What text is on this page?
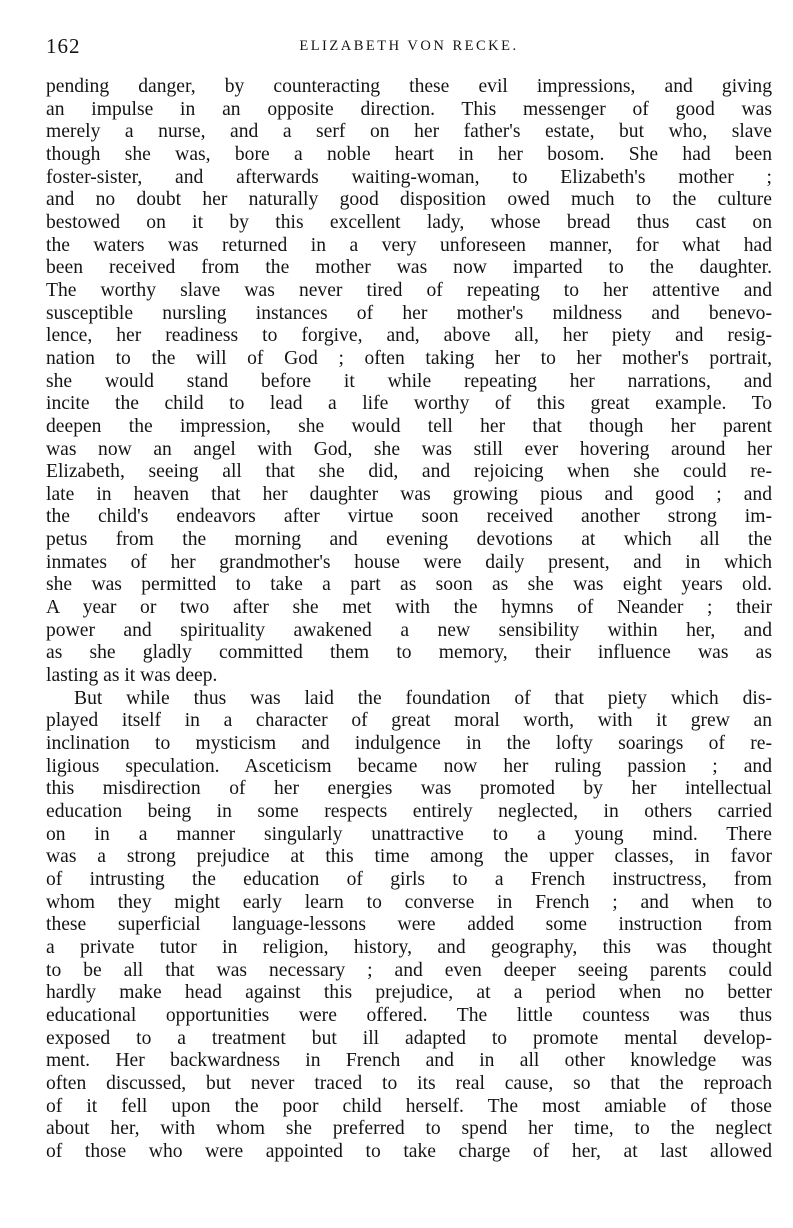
162	ELIZABETH VON RECKE.
pending danger, by counteracting these evil impressions, and giving
an impulse in an opposite direction. This messenger of good was
merely a nurse, and a serf on her father's estate, but who, slave
though she was, bore a noble heart in her bosom. She had been
foster-sister, and afterwards waiting-woman, to Elizabeth's mother ;
and no doubt her naturally good disposition owed much to the culture
bestowed on it by this excellent lady, whose bread thus cast on
the waters was returned in a very unforeseen manner, for what had
been received from the mother was now imparted to the daughter.
The worthy slave was never tired of repeating to her attentive and
susceptible nursling instances of her mother's mildness and benevo-
lence, her readiness to forgive, and, above all, her piety and resig-
nation to the will of God ; often taking her to her mother's portrait,
she would stand before it while repeating her narrations, and
incite the child to lead a life worthy of this great example. To
deepen the impression, she would tell her that though her parent
was now an angel with God, she was still ever hovering around her
Elizabeth, seeing all that she did, and rejoicing when she could re-
late in heaven that her daughter was growing pious and good ; and
the child's endeavors after virtue soon received another strong im-
petus from the morning and evening devotions at which all the
inmates of her grandmother's house were daily present, and in which
she was permitted to take a part as soon as she was eight years old.
A year or two after she met with the hymns of Neander ; their
power and spirituality awakened a new sensibility within her, and
as she gladly committed them to memory, their influence was as
lasting as it was deep.
But while thus was laid the foundation of that piety which dis-
played itself in a character of great moral worth, with it grew an
inclination to mysticism and indulgence in the lofty soarings of re-
ligious speculation. Asceticism became now her ruling passion ; and
this misdirection of her energies was promoted by her intellectual
education being in some respects entirely neglected, in others carried
on in a manner singularly unattractive to a young mind. There
was a strong prejudice at this time among the upper classes, in favor
of intrusting the education of girls to a French instructress, from
whom they might early learn to converse in French ; and when to
these superficial language-lessons were added some instruction from
a private tutor in religion, history, and geography, this was thought
to be all that was necessary ; and even deeper seeing parents could
hardly make head against this prejudice, at a period when no better
educational opportunities were offered. The little countess was thus
exposed to a treatment but ill adapted to promote mental develop-
ment. Her backwardness in French and in all other knowledge was
often discussed, but never traced to its real cause, so that the reproach
of it fell upon the poor child herself. The most amiable of those
about her, with whom she preferred to spend her time, to the neglect
of those who were appointed to take charge of her, at last allowed
